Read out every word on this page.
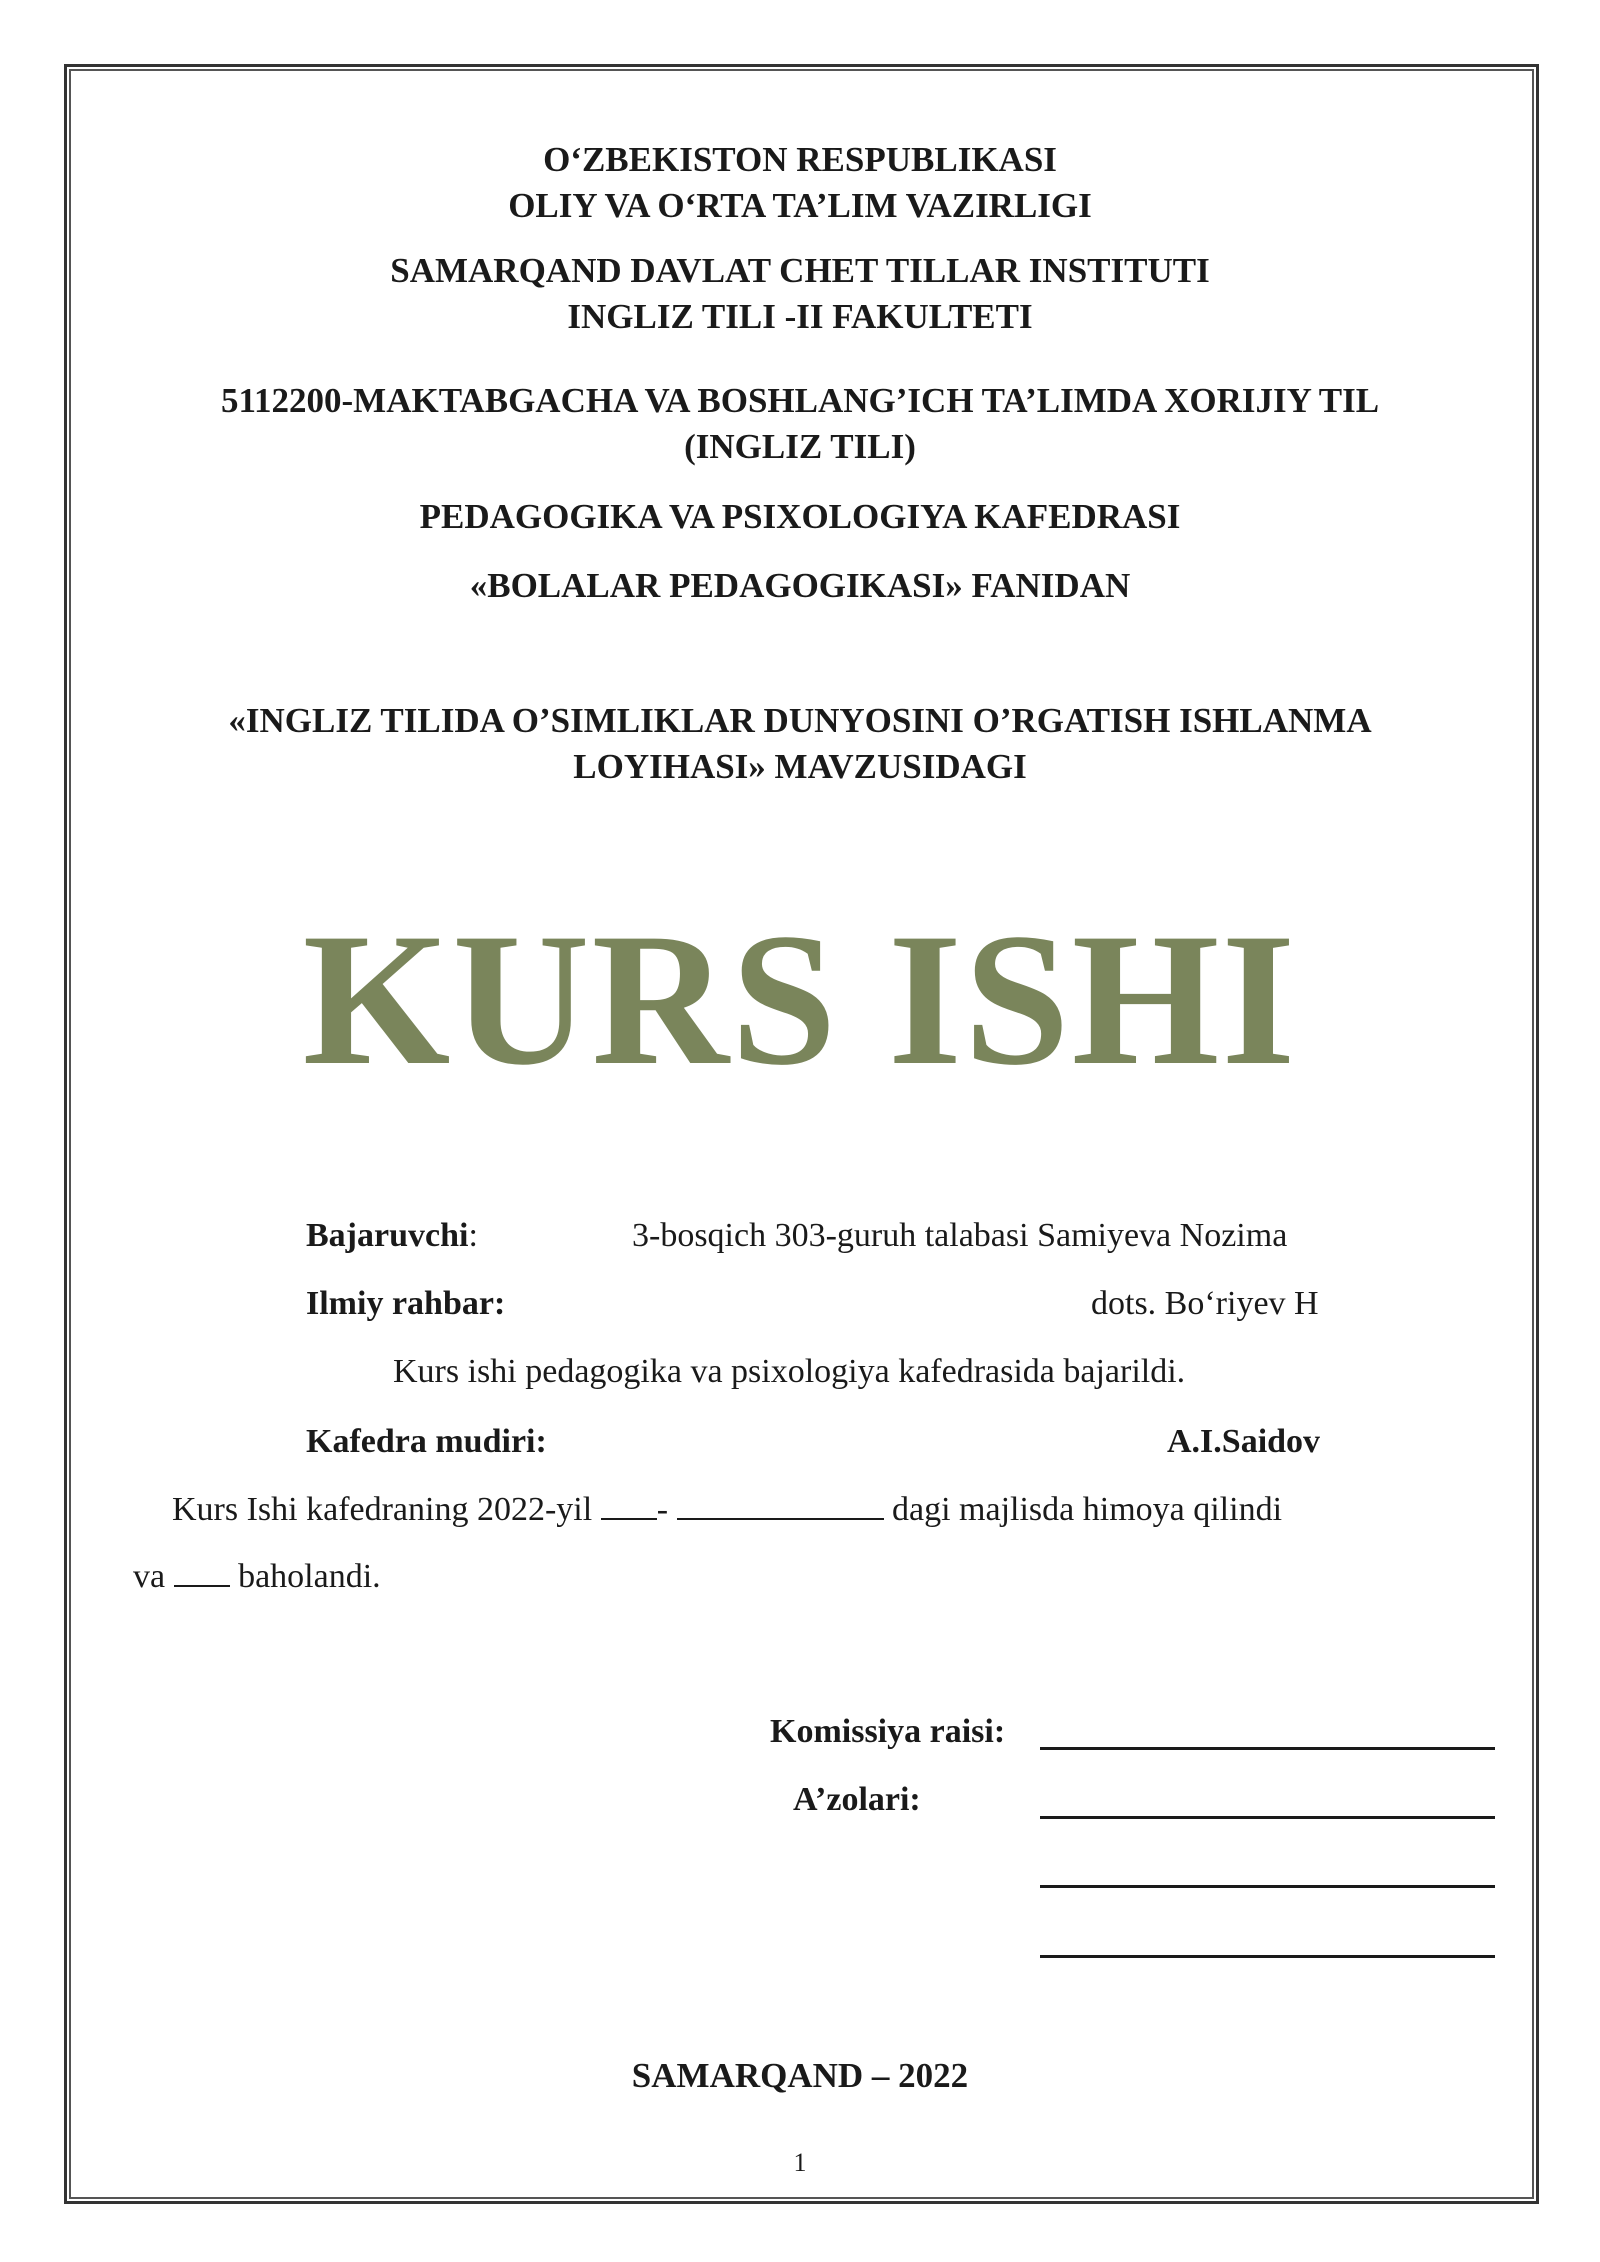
O‘ZBEKISTON RESPUBLIKASI
OLIY VA O‘RTA TA’LIM VAZIRLIGI
SAMARQAND DAVLAT CHET TILLAR INSTITUTI
INGLIZ TILI -II FAKULTETI
5112200-MAKTABGACHA VA BOSHLANG’ICH TA’LIMDA XORIJIY TIL
(INGLIZ TILI)
PEDAGOGIKA VA PSIXOLOGIYA KAFEDRASI
«BOLALAR PEDAGOGIKASI» FANIDAN
«INGLIZ TILIDA O’SIMLIKLAR DUNYOSINI O’RGATISH ISHLANMA
LOYIHASI» MAVZUSIDAGI
KURS ISHI
Bajaruvchi:	3-bosqich 303-guruh talabasi Samiyeva Nozima
Ilmiy rahbar:	dots. Bo‘riyev H
Kurs ishi pedagogika va psixologiya kafedrasida bajarildi.
Kafedra mudiri:	A.I.Saidov
Kurs Ishi kafedraning 2022-yil -	dagi majlisda himoya qilindi
va  baholandi.
Komissiya raisi:
A’zolari:
SAMARQAND – 2022
1
